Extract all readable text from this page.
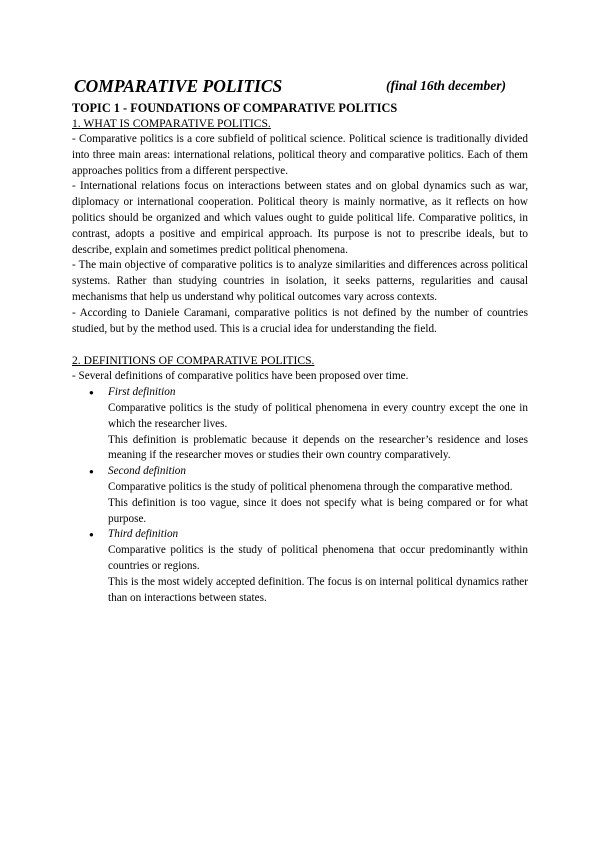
COMPARATIVE POLITICS	(final 16th december)

TOPIC 1 - FOUNDATIONS OF COMPARATIVE POLITICS

1. WHAT IS COMPARATIVE POLITICS.

- Comparative politics is a core subfield of political science. Political science is traditionally divided into three main areas: international relations, political theory and comparative politics. Each of them approaches politics from a different perspective.

- International relations focus on interactions between states and on global dynamics such as war, diplomacy or international cooperation. Political theory is mainly normative, as it reflects on how politics should be organized and which values ought to guide political life. Comparative politics, in contrast, adopts a positive and empirical approach. Its purpose is not to prescribe ideals, but to describe, explain and sometimes predict political phenomena.

- The main objective of comparative politics is to analyze similarities and differences across political systems. Rather than studying countries in isolation, it seeks patterns, regularities and causal mechanisms that help us understand why political outcomes vary across contexts.

- According to Daniele Caramani, comparative politics is not defined by the number of countries studied, but by the method used. This is a crucial idea for understanding the field.

2. DEFINITIONS OF COMPARATIVE POLITICS.

- Several definitions of comparative politics have been proposed over time.

● First definition

Comparative politics is the study of political phenomena in every country except the one in which the researcher lives.

This definition is problematic because it depends on the researcher’s residence and loses meaning if the researcher moves or studies their own country comparatively.

● Second definition

Comparative politics is the study of political phenomena through the comparative method.

This definition is too vague, since it does not specify what is being compared or for what purpose.

● Third definition

Comparative politics is the study of political phenomena that occur predominantly within countries or regions.

This is the most widely accepted definition. The focus is on internal political dynamics rather than on interactions between states.
